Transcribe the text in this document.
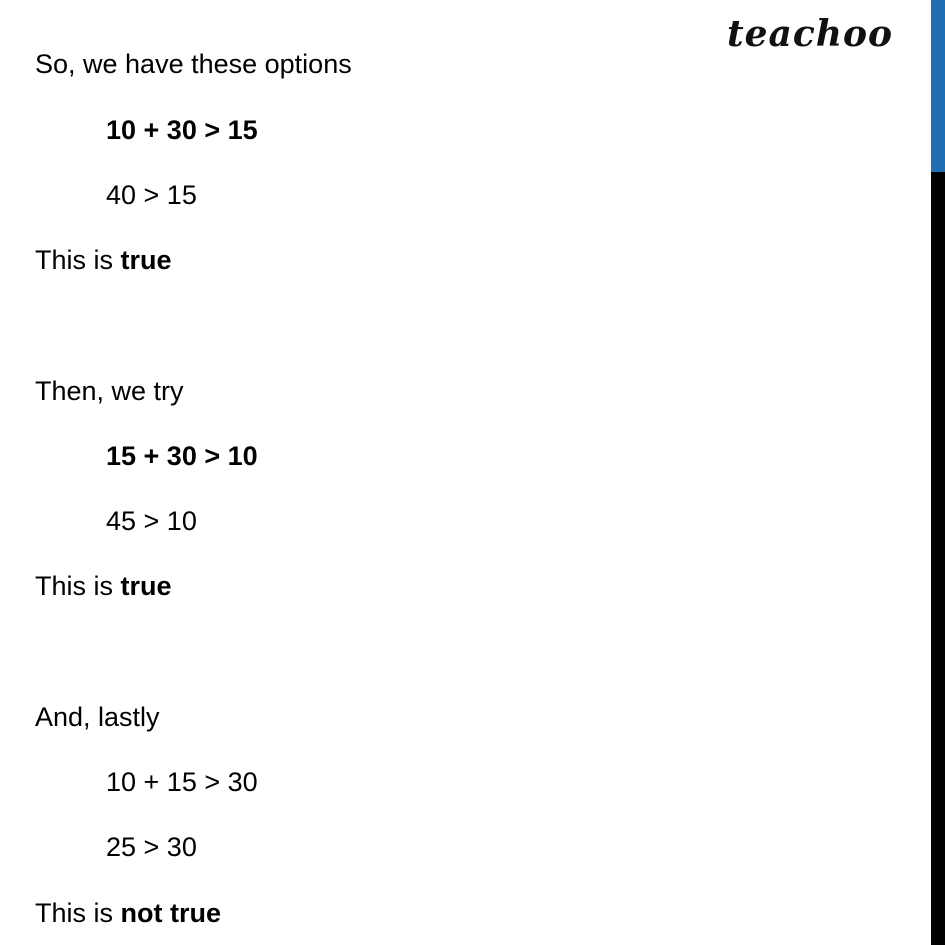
teachoo
So, we have these options
10 + 30 > 15
40 > 15
This is true
Then, we try
15 + 30 > 10
45 > 10
This is true
And, lastly
10 + 15 > 30
25 > 30
This is not true
